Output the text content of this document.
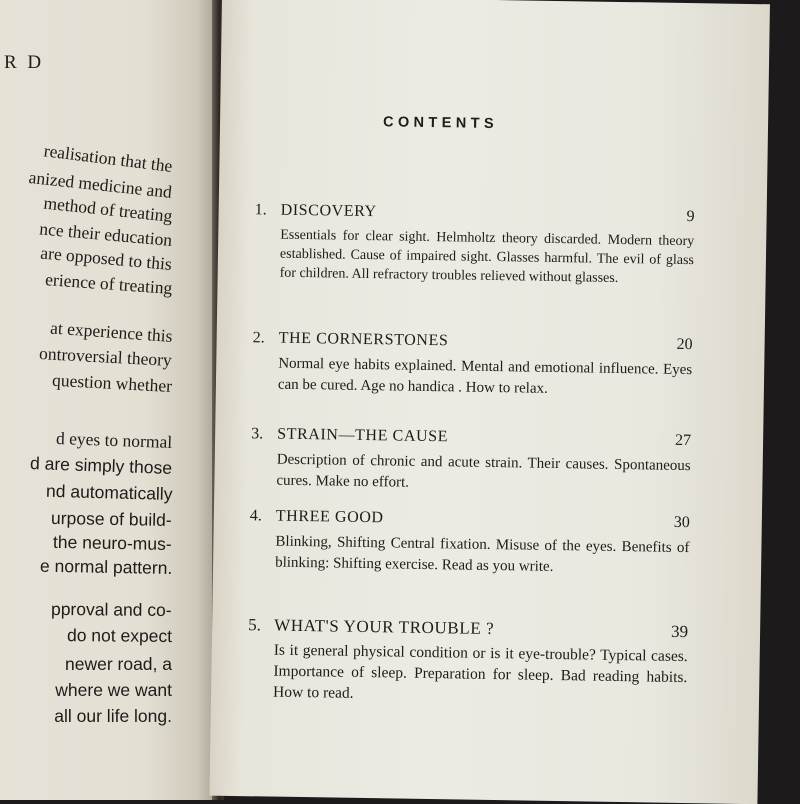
R D
realisation that the
anized medicine and
method of treating
nce their education
are opposed to this
erience of treating
at experience this
ontroversial theory
question whether
d eyes to normal
d are simply those
nd automatically
urpose of build-
the neuro-mus-
e normal pattern.
pproval and co-
do not expect
newer road, a
where we want
all our life long.
CONTENTS
1. DISCOVERY	9
Essentials for clear sight. Helmholtz theory discarded. Modern theory established. Cause of impaired sight. Glasses harmful. The evil of glass for children. All refractory troubles relieved without glasses.
2. THE CORNERSTONES	20
Normal eye habits explained. Mental and emotional influence. Eyes can be cured. Age no handica . How to relax.
3. STRAIN—THE CAUSE	27
Description of chronic and acute strain. Their causes. Spontaneous cures. Make no effort.
4. THREE GOOD	30
Blinking, Shifting Central fixation. Misuse of the eyes. Benefits of blinking: Shifting exercise. Read as you write.
5. WHAT'S YOUR TROUBLE ?	39
Is it general physical condition or is it eye-trouble? Typical cases. Importance of sleep. Preparation for sleep. Bad reading habits. How to read.
